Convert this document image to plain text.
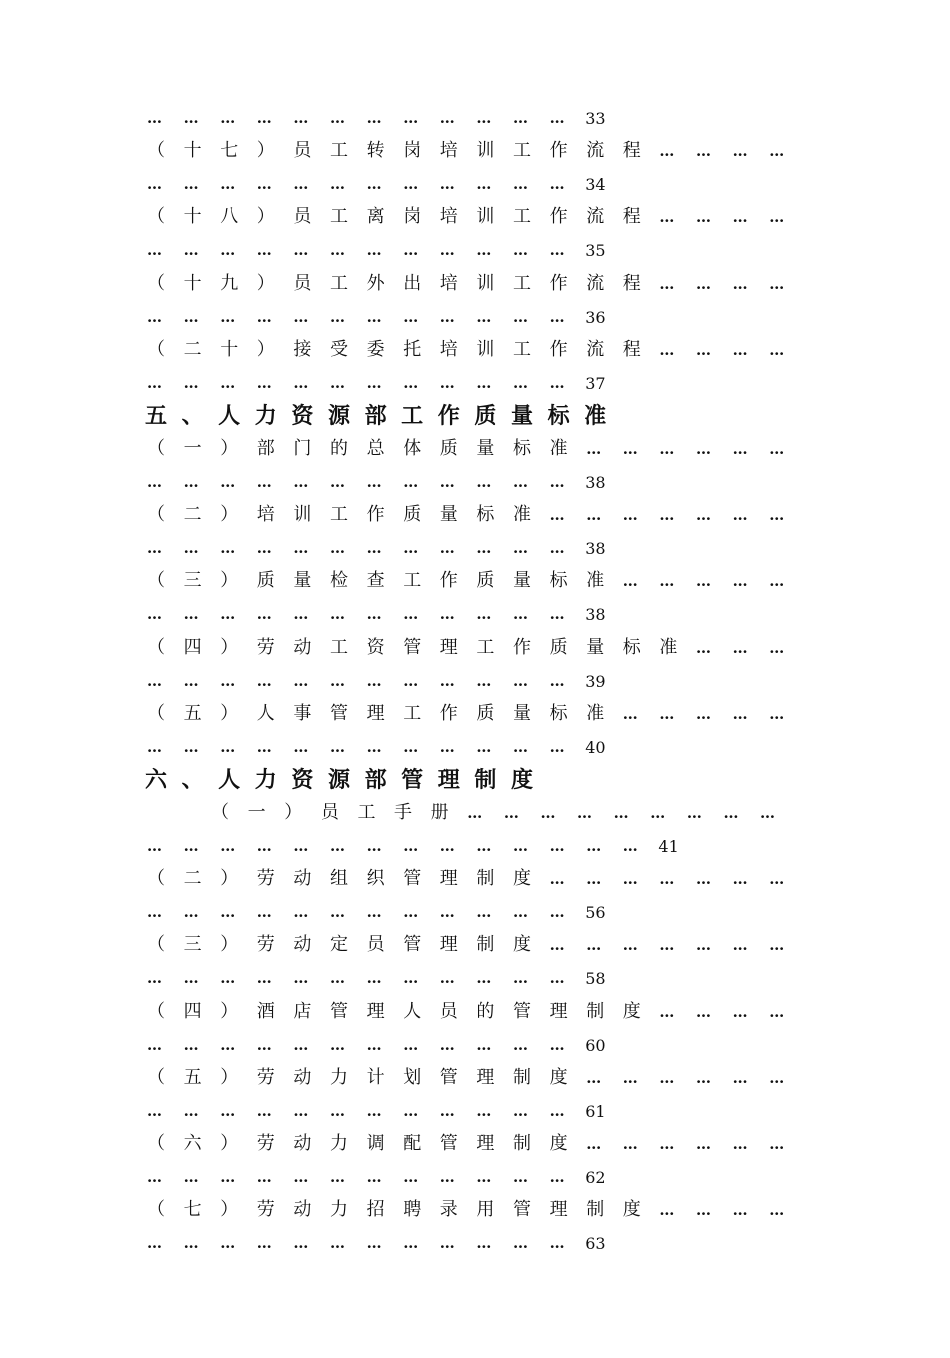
…	…	…	…	…	…	…	…	…	…	…	…	33
（	十	七	）	员	工	转	岗	培	训	工	作	流	程	…	…	…	…
…	…	…	…	…	…	…	…	…	…	…	…	34
（	十	八	）	员	工	离	岗	培	训	工	作	流	程	…	…	…	…
…	…	…	…	…	…	…	…	…	…	…	…	35
（	十	九	）	员	工	外	出	培	训	工	作	流	程	…	…	…	…
…	…	…	…	…	…	…	…	…	…	…	…	36
（	二	十	）	接	受	委	托	培	训	工	作	流	程	…	…	…	…
…	…	…	…	…	…	…	…	…	…	…	…	37
五 、 人 力 资 源 部 工 作 质 量 标 准
（	一	）	部	门	的	总	体	质	量	标	准	…	…	…	…	…	…
…	…	…	…	…	…	…	…	…	…	…	…	38
（	二	）	培	训	工	作	质	量	标	准	…	…	…	…	…	…	…
…	…	…	…	…	…	…	…	…	…	…	…	38
（	三	）	质	量	检	查	工	作	质	量	标	准	…	…	…	…	…
…	…	…	…	…	…	…	…	…	…	…	…	38
（	四	）	劳	动	工	资	管	理	工	作	质	量	标	准	…	…	…
…	…	…	…	…	…	…	…	…	…	…	…	39
（	五	）	人	事	管	理	工	作	质	量	标	准	…	…	…	…	…
…	…	…	…	…	…	…	…	…	…	…	…	40
六 、 人 力 资 源 部 管 理 制 度
（	一	）	员	工	手	册	…	…	…	…	…	…	…	…	…
…	…	…	…	…	…	…	…	…	…	…	…	…	…	41
（	二	）	劳	动	组	织	管	理	制	度	…	…	…	…	…	…	…
…	…	…	…	…	…	…	…	…	…	…	…	56
（	三	）	劳	动	定	员	管	理	制	度	…	…	…	…	…	…	…
…	…	…	…	…	…	…	…	…	…	…	…	58
（	四	）	酒	店	管	理	人	员	的	管	理	制	度	…	…	…	…
…	…	…	…	…	…	…	…	…	…	…	…	60
（	五	）	劳	动	力	计	划	管	理	制	度	…	…	…	…	…	…
…	…	…	…	…	…	…	…	…	…	…	…	61
（	六	）	劳	动	力	调	配	管	理	制	度	…	…	…	…	…	…
…	…	…	…	…	…	…	…	…	…	…	…	62
（	七	）	劳	动	力	招	聘	录	用	管	理	制	度	…	…	…	…
…	…	…	…	…	…	…	…	…	…	…	…	63
